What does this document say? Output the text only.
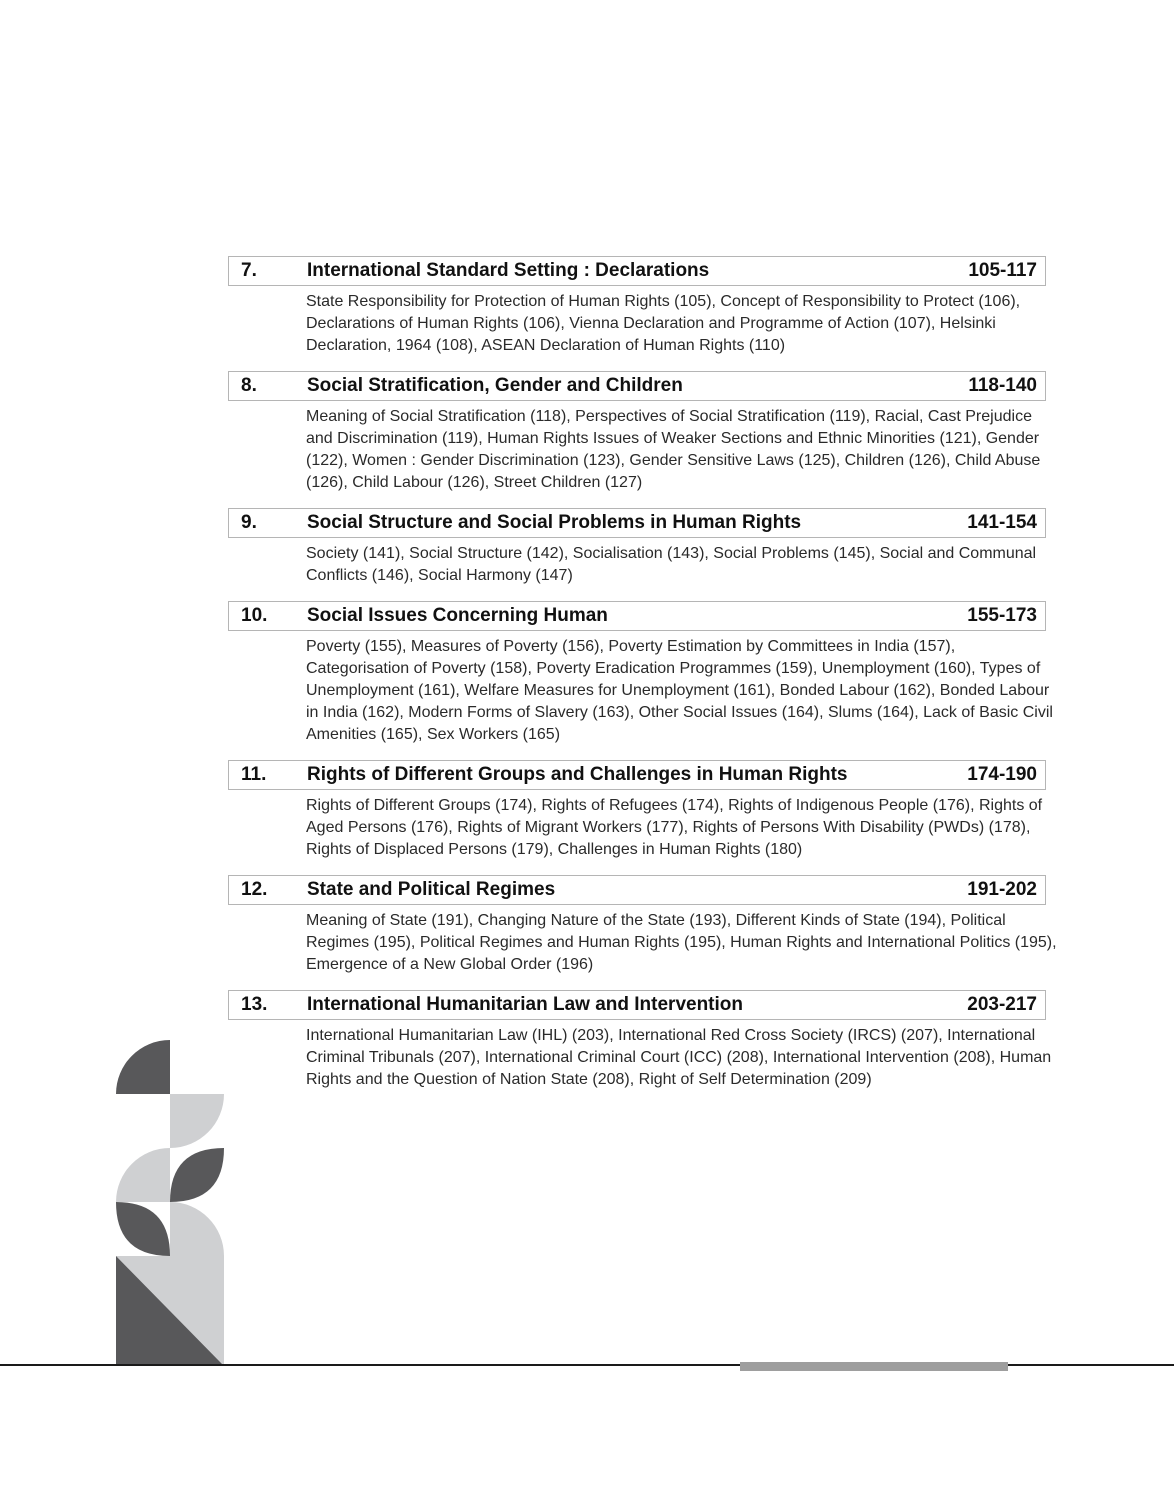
7.	International Standard Setting : Declarations	105-117
State Responsibility for Protection of Human Rights (105), Concept of Responsibility to Protect (106), Declarations of Human Rights (106), Vienna Declaration and Programme of Action (107), Helsinki Declaration, 1964 (108), ASEAN Declaration of Human Rights (110)
8.	Social Stratification, Gender and Children	118-140
Meaning of Social Stratification (118), Perspectives of Social Stratification (119), Racial, Cast Prejudice and Discrimination (119), Human Rights Issues of Weaker Sections and Ethnic Minorities (121), Gender (122), Women : Gender Discrimination (123), Gender Sensitive Laws (125), Children (126), Child Abuse (126), Child Labour (126), Street Children (127)
9.	Social Structure and Social Problems in Human Rights	141-154
Society (141), Social Structure (142), Socialisation (143), Social Problems (145), Social and Communal Conflicts (146), Social Harmony (147)
10.	Social Issues Concerning Human	155-173
Poverty (155), Measures of Poverty (156), Poverty Estimation by Committees in India (157), Categorisation of Poverty (158), Poverty Eradication Programmes (159), Unemployment (160), Types of Unemployment (161), Welfare Measures for Unemployment (161), Bonded Labour (162), Bonded Labour in India (162), Modern Forms of Slavery (163), Other Social Issues (164), Slums (164), Lack of Basic Civil Amenities (165), Sex Workers (165)
11.	Rights of Different Groups and Challenges in Human Rights	174-190
Rights of Different Groups (174), Rights of Refugees (174), Rights of Indigenous People (176), Rights of Aged Persons (176), Rights of Migrant Workers (177), Rights of Persons With Disability (PWDs) (178), Rights of Displaced Persons (179), Challenges in Human Rights (180)
12.	State and Political Regimes	191-202
Meaning of State (191), Changing Nature of the State (193), Different Kinds of State (194), Political Regimes (195), Political Regimes and Human Rights (195), Human Rights and International Politics (195), Emergence of a New Global Order (196)
13.	International Humanitarian Law and Intervention	203-217
International Humanitarian Law (IHL) (203), International Red Cross Society (IRCS) (207), International Criminal Tribunals (207), International Criminal Court (ICC) (208), International Intervention (208), Human Rights and the Question of Nation State (208), Right of Self Determination (209)
